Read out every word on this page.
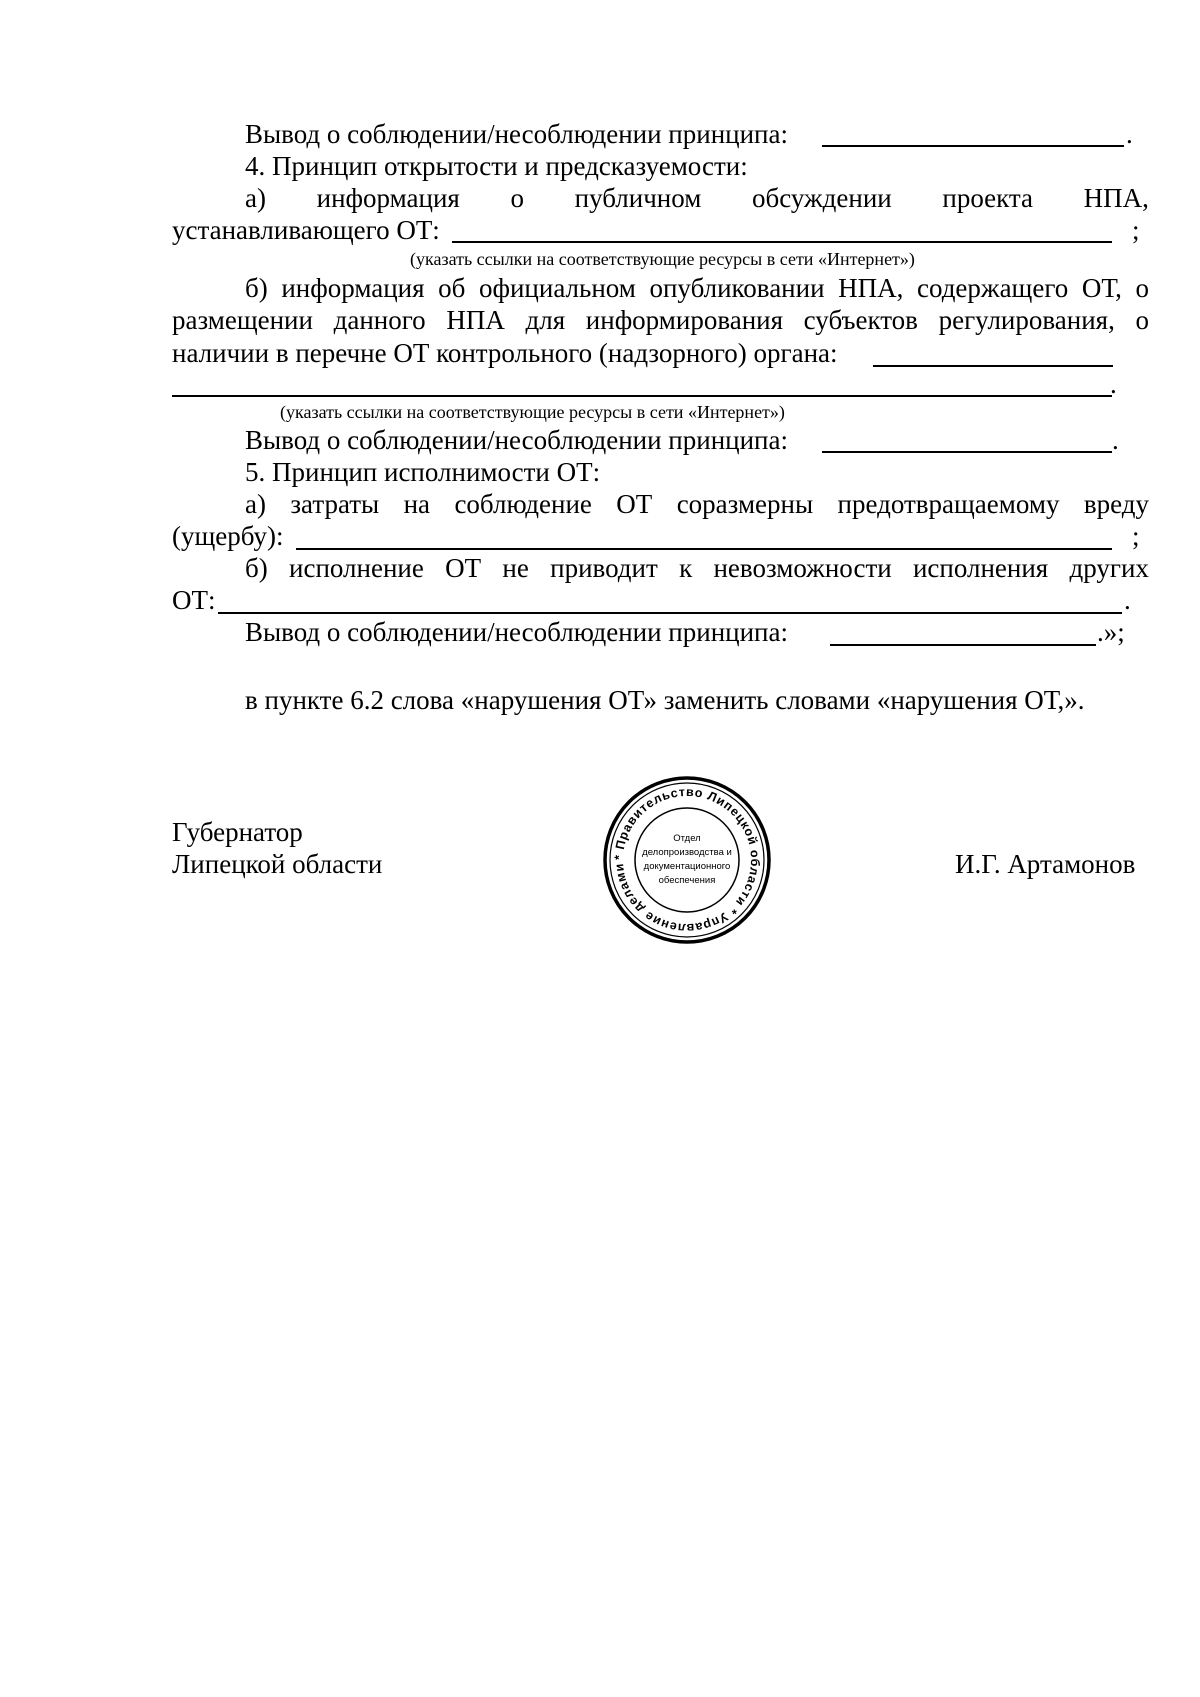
Вывод о соблюдении/несоблюдении принципа:	.
4. Принцип открытости и предсказуемости:
а) информация о публичном обсуждении проекта НПА,
устанавливающего ОТ:	;
(указать ссылки на соответствующие ресурсы в сети «Интернет»)
б) информация об официальном опубликовании НПА, содержащего ОТ, о
размещении данного НПА для информирования субъектов регулирования, о
наличии в перечне ОТ контрольного (надзорного) органа:
.
(указать ссылки на соответствующие ресурсы в сети «Интернет»)
Вывод о соблюдении/несоблюдении принципа:	.
5. Принцип исполнимости ОТ:
а) затраты на соблюдение ОТ соразмерны предотвращаемому вреду
(ущербу):	;
б) исполнение ОТ не приводит к невозможности исполнения других
ОТ:	.
Вывод о соблюдении/несоблюдении принципа:	.»;
в пункте 6.2 слова «нарушения ОТ» заменить словами «нарушения ОТ,».
Губернатор
Липецкой области	И.Г. Артамонов
* Правительство Липецкой области * Управление делами
Отдел
делопроизводства и
документационного
обеспечения
